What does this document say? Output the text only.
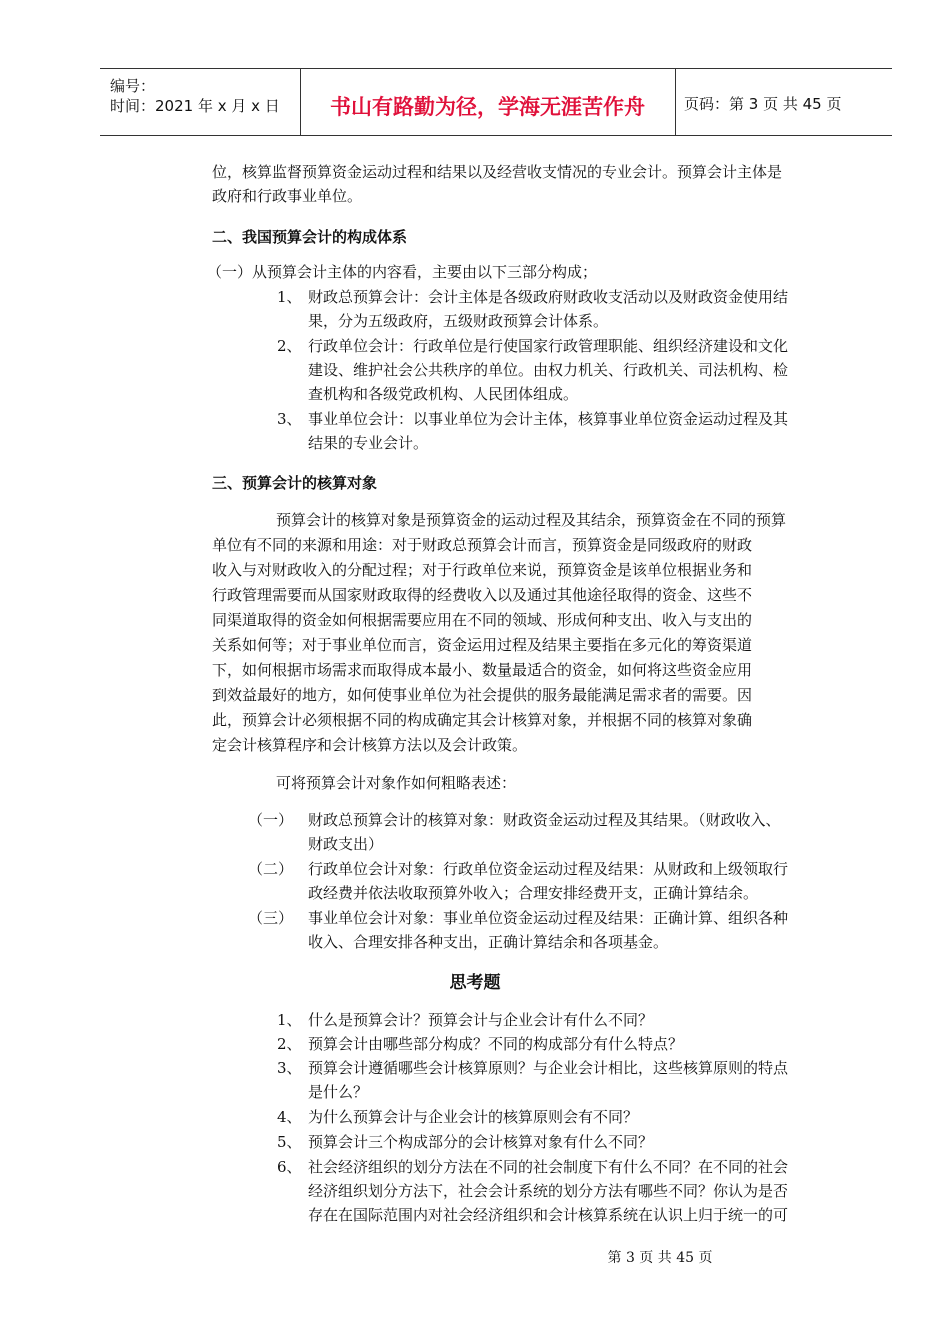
编号：
时间：2021 年 x 月 x 日	书山有路勤为径，学海无涯苦作舟	页码：第 3 页 共 45 页
位，核算监督预算资金运动过程和结果以及经营收支情况的专业会计。预算会计主体是
政府和行政事业单位。
二、我国预算会计的构成体系
（一）从预算会计主体的内容看，主要由以下三部分构成；
1、 财政总预算会计：会计主体是各级政府财政收支活动以及财政资金使用结
果，分为五级政府，五级财政预算会计体系。
2、 行政单位会计：行政单位是行使国家行政管理职能、组织经济建设和文化
建设、维护社会公共秩序的单位。由权力机关、行政机关、司法机构、检
查机构和各级党政机构、人民团体组成。
3、 事业单位会计：以事业单位为会计主体，核算事业单位资金运动过程及其
结果的专业会计。
三、预算会计的核算对象
预算会计的核算对象是预算资金的运动过程及其结余，预算资金在不同的预算
单位有不同的来源和用途：对于财政总预算会计而言，预算资金是同级政府的财政
收入与对财政收入的分配过程；对于行政单位来说，预算资金是该单位根据业务和
行政管理需要而从国家财政取得的经费收入以及通过其他途径取得的资金、这些不
同渠道取得的资金如何根据需要应用在不同的领域、形成何种支出、收入与支出的
关系如何等；对于事业单位而言，资金运用过程及结果主要指在多元化的筹资渠道
下，如何根据市场需求而取得成本最小、数量最适合的资金，如何将这些资金应用
到效益最好的地方，如何使事业单位为社会提供的服务最能满足需求者的需要。因
此，预算会计必须根据不同的构成确定其会计核算对象，并根据不同的核算对象确
定会计核算程序和会计核算方法以及会计政策。
可将预算会计对象作如何粗略表述：
（一） 财政总预算会计的核算对象：财政资金运动过程及其结果。（财政收入、
财政支出）
（二） 行政单位会计对象：行政单位资金运动过程及结果：从财政和上级领取行
政经费并依法收取预算外收入；合理安排经费开支，正确计算结余。
（三） 事业单位会计对象：事业单位资金运动过程及结果：正确计算、组织各种
收入、合理安排各种支出，正确计算结余和各项基金。
思考题
1、 什么是预算会计？预算会计与企业会计有什么不同？
2、 预算会计由哪些部分构成？不同的构成部分有什么特点？
3、 预算会计遵循哪些会计核算原则？与企业会计相比，这些核算原则的特点
是什么？
4、 为什么预算会计与企业会计的核算原则会有不同？
5、 预算会计三个构成部分的会计核算对象有什么不同？
6、 社会经济组织的划分方法在不同的社会制度下有什么不同？在不同的社会
经济组织划分方法下，社会会计系统的划分方法有哪些不同？你认为是否
存在在国际范围内对社会经济组织和会计核算系统在认识上归于统一的可
第 3 页 共 45 页
